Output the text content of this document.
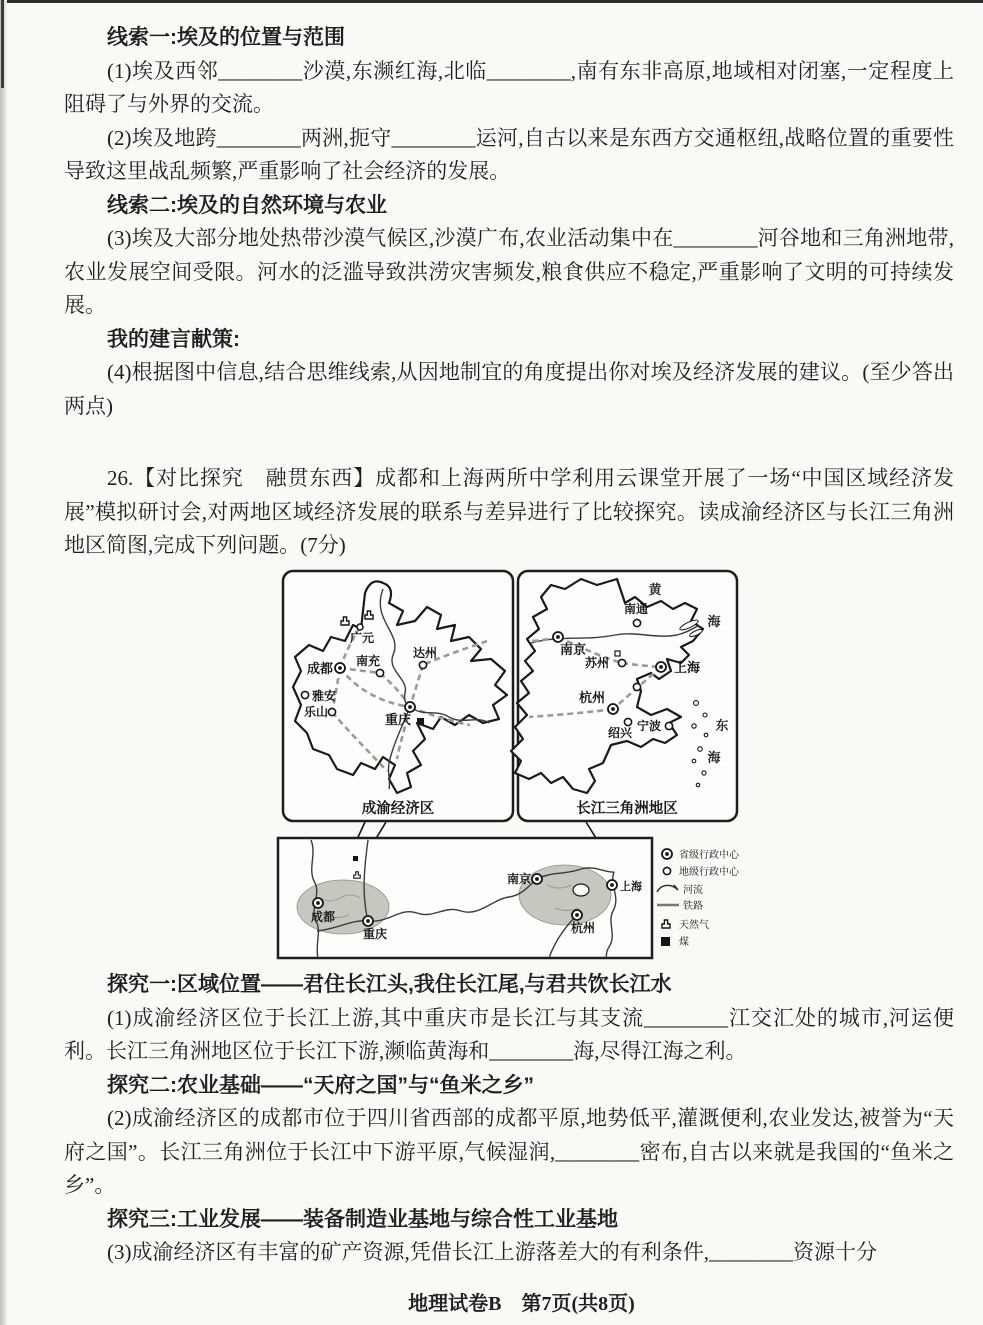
线索一:埃及的位置与范围

(1)埃及西邻________沙漠,东濒红海,北临________,南有东非高原,地域相对闭塞,一定程度上阻碍了与外界的交流。

(2)埃及地跨________两洲,扼守________运河,自古以来是东西方交通枢纽,战略位置的重要性导致这里战乱频繁,严重影响了社会经济的发展。

线索二:埃及的自然环境与农业

(3)埃及大部分地处热带沙漠气候区,沙漠广布,农业活动集中在________河谷地和三角洲地带,农业发展空间受限。河水的泛滥导致洪涝灾害频发,粮食供应不稳定,严重影响了文明的可持续发展。

我的建言献策:

(4)根据图中信息,结合思维线索,从因地制宜的角度提出你对埃及经济发展的建议。(至少答出两点)

26.【对比探究　融贯东西】成都和上海两所中学利用云课堂开展了一场“中国区域经济发展”模拟研讨会,对两地区域经济发展的联系与差异进行了比较探究。读成渝经济区与长江三角洲地区简图,完成下列问题。(7分)

广元
成都 南充
达州
雅安
乐山	重庆
成渝经济区
南通
南京
苏州	上海
杭州
绍兴 宁波
黄
海
东
海
长江三角洲地区
成都
重庆
南京
上海
杭州
省级行政中心
地级行政中心
河流
铁路
天然气
煤
探究一:区域位置——君住长江头,我住长江尾,与君共饮长江水

(1)成渝经济区位于长江上游,其中重庆市是长江与其支流________江交汇处的城市,河运便利。长江三角洲地区位于长江下游,濒临黄海和________海,尽得江海之利。

探究二:农业基础——“天府之国”与“鱼米之乡”

(2)成渝经济区的成都市位于四川省西部的成都平原,地势低平,灌溉便利,农业发达,被誉为“天府之国”。长江三角洲位于长江中下游平原,气候湿润,________密布,自古以来就是我国的“鱼米之乡”。

探究三:工业发展——装备制造业基地与综合性工业基地

(3)成渝经济区有丰富的矿产资源,凭借长江上游落差大的有利条件,________资源十分

地理试卷B　第7页(共8页)
